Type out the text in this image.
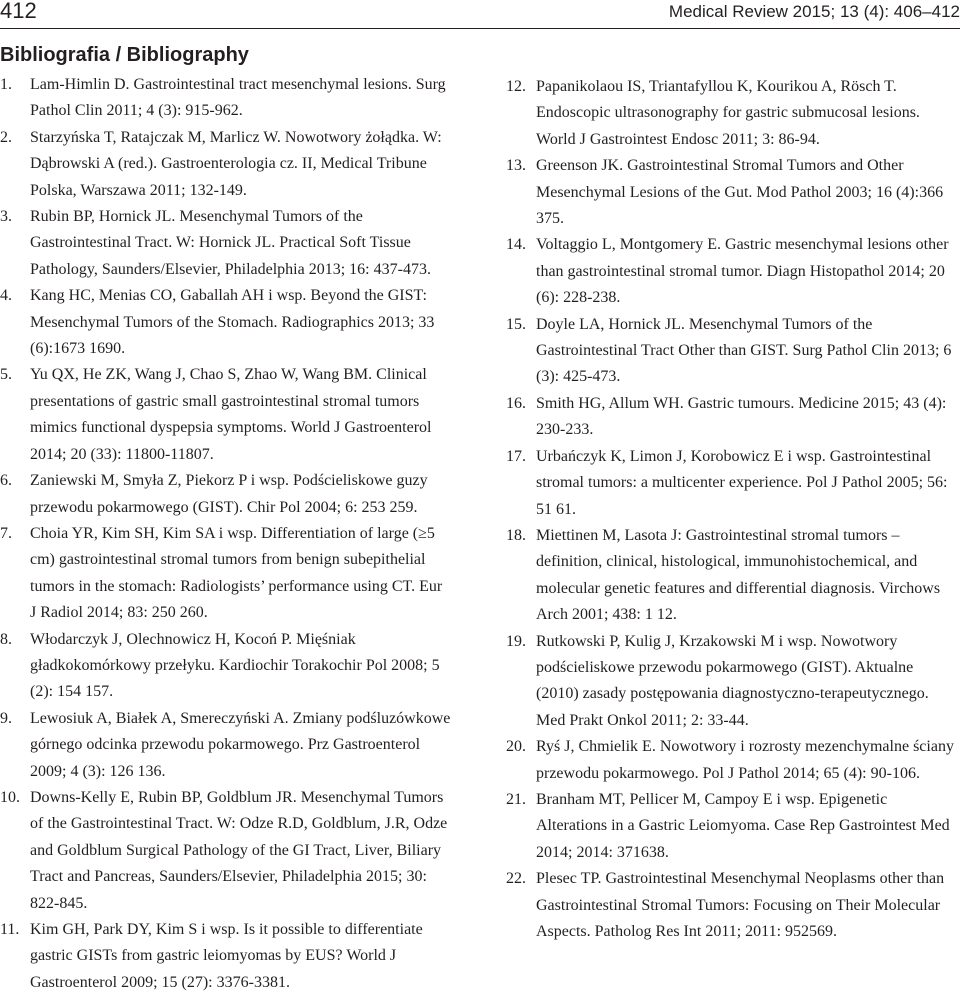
412	Medical Review 2015; 13 (4): 406–412
Bibliografia / Bibliography
1. Lam-Himlin D. Gastrointestinal tract mesenchymal lesions. Surg Pathol Clin 2011; 4 (3): 915-962.
2. Starzyńska T, Ratajczak M, Marlicz W. Nowotwory żołądka. W: Dąbrowski A (red.). Gastroenterologia cz. II, Medical Tribune Polska, Warszawa 2011; 132-149.
3. Rubin BP, Hornick JL. Mesenchymal Tumors of the Gastrointestinal Tract. W: Hornick JL. Practical Soft Tissue Pathology, Saunders/Elsevier, Philadelphia 2013; 16: 437-473.
4. Kang HC, Menias CO, Gaballah AH i wsp. Beyond the GIST: Mesenchymal Tumors of the Stomach. Radiographics 2013; 33 (6):1673 1690.
5. Yu QX, He ZK, Wang J, Chao S, Zhao W, Wang BM. Clinical presentations of gastric small gastrointestinal stromal tumors mimics functional dyspepsia symptoms. World J Gastroenterol 2014; 20 (33): 11800-11807.
6. Zaniewski M, Smyła Z, Piekorz P i wsp. Podścieliskowe guzy przewodu pokarmowego (GIST). Chir Pol 2004; 6: 253 259.
7. Choia YR, Kim SH, Kim SA i wsp. Differentiation of large (≥5 cm) gastrointestinal stromal tumors from benign subepithelial tumors in the stomach: Radiologists’ performance using CT. Eur J Radiol 2014; 83: 250 260.
8. Włodarczyk J, Olechnowicz H, Kocoń P. Mięśniak gładkokomórkowy przełyku. Kardiochir Torakochir Pol 2008; 5 (2): 154 157.
9. Lewosiuk A, Białek A, Smereczyński A. Zmiany podśluzówkowe górnego odcinka przewodu pokarmowego. Prz Gastroenterol 2009; 4 (3): 126 136.
10. Downs-Kelly E, Rubin BP, Goldblum JR. Mesenchymal Tumors of the Gastrointestinal Tract. W: Odze R.D, Goldblum, J.R, Odze and Goldblum Surgical Pathology of the GI Tract, Liver, Biliary Tract and Pancreas, Saunders/Elsevier, Philadelphia 2015; 30: 822-845.
11. Kim GH, Park DY, Kim S i wsp. Is it possible to differentiate gastric GISTs from gastric leiomyomas by EUS? World J Gastroenterol 2009; 15 (27): 3376-3381.
12. Papanikolaou IS, Triantafyllou K, Kourikou A, Rösch T. Endoscopic ultrasonography for gastric submucosal lesions. World J Gastrointest Endosc 2011; 3: 86-94.
13. Greenson JK. Gastrointestinal Stromal Tumors and Other Mesenchymal Lesions of the Gut. Mod Pathol 2003; 16 (4):366 375.
14. Voltaggio L, Montgomery E. Gastric mesenchymal lesions other than gastrointestinal stromal tumor. Diagn Histopathol 2014; 20 (6): 228-238.
15. Doyle LA, Hornick JL. Mesenchymal Tumors of the Gastrointestinal Tract Other than GIST. Surg Pathol Clin 2013; 6 (3): 425-473.
16. Smith HG, Allum WH. Gastric tumours. Medicine 2015; 43 (4): 230-233.
17. Urbańczyk K, Limon J, Korobowicz E i wsp. Gastrointestinal stromal tumors: a multicenter experience. Pol J Pathol 2005; 56: 51 61.
18. Miettinen M, Lasota J: Gastrointestinal stromal tumors – definition, clinical, histological, immunohistochemical, and molecular genetic features and differential diagnosis. Virchows Arch 2001; 438: 1 12.
19. Rutkowski P, Kulig J, Krzakowski M i wsp. Nowotwory podścieliskowe przewodu pokarmowego (GIST). Aktualne (2010) zasady postępowania diagnostyczno-terapeutycznego. Med Prakt Onkol 2011; 2: 33-44.
20. Ryś J, Chmielik E. Nowotwory i rozrosty mezenchymalne ściany przewodu pokarmowego. Pol J Pathol 2014; 65 (4): 90-106.
21. Branham MT, Pellicer M, Campoy E i wsp. Epigenetic Alterations in a Gastric Leiomyoma. Case Rep Gastrointest Med 2014; 2014: 371638.
22. Plesec TP. Gastrointestinal Mesenchymal Neoplasms other than Gastrointestinal Stromal Tumors: Focusing on Their Molecular Aspects. Patholog Res Int 2011; 2011: 952569.
